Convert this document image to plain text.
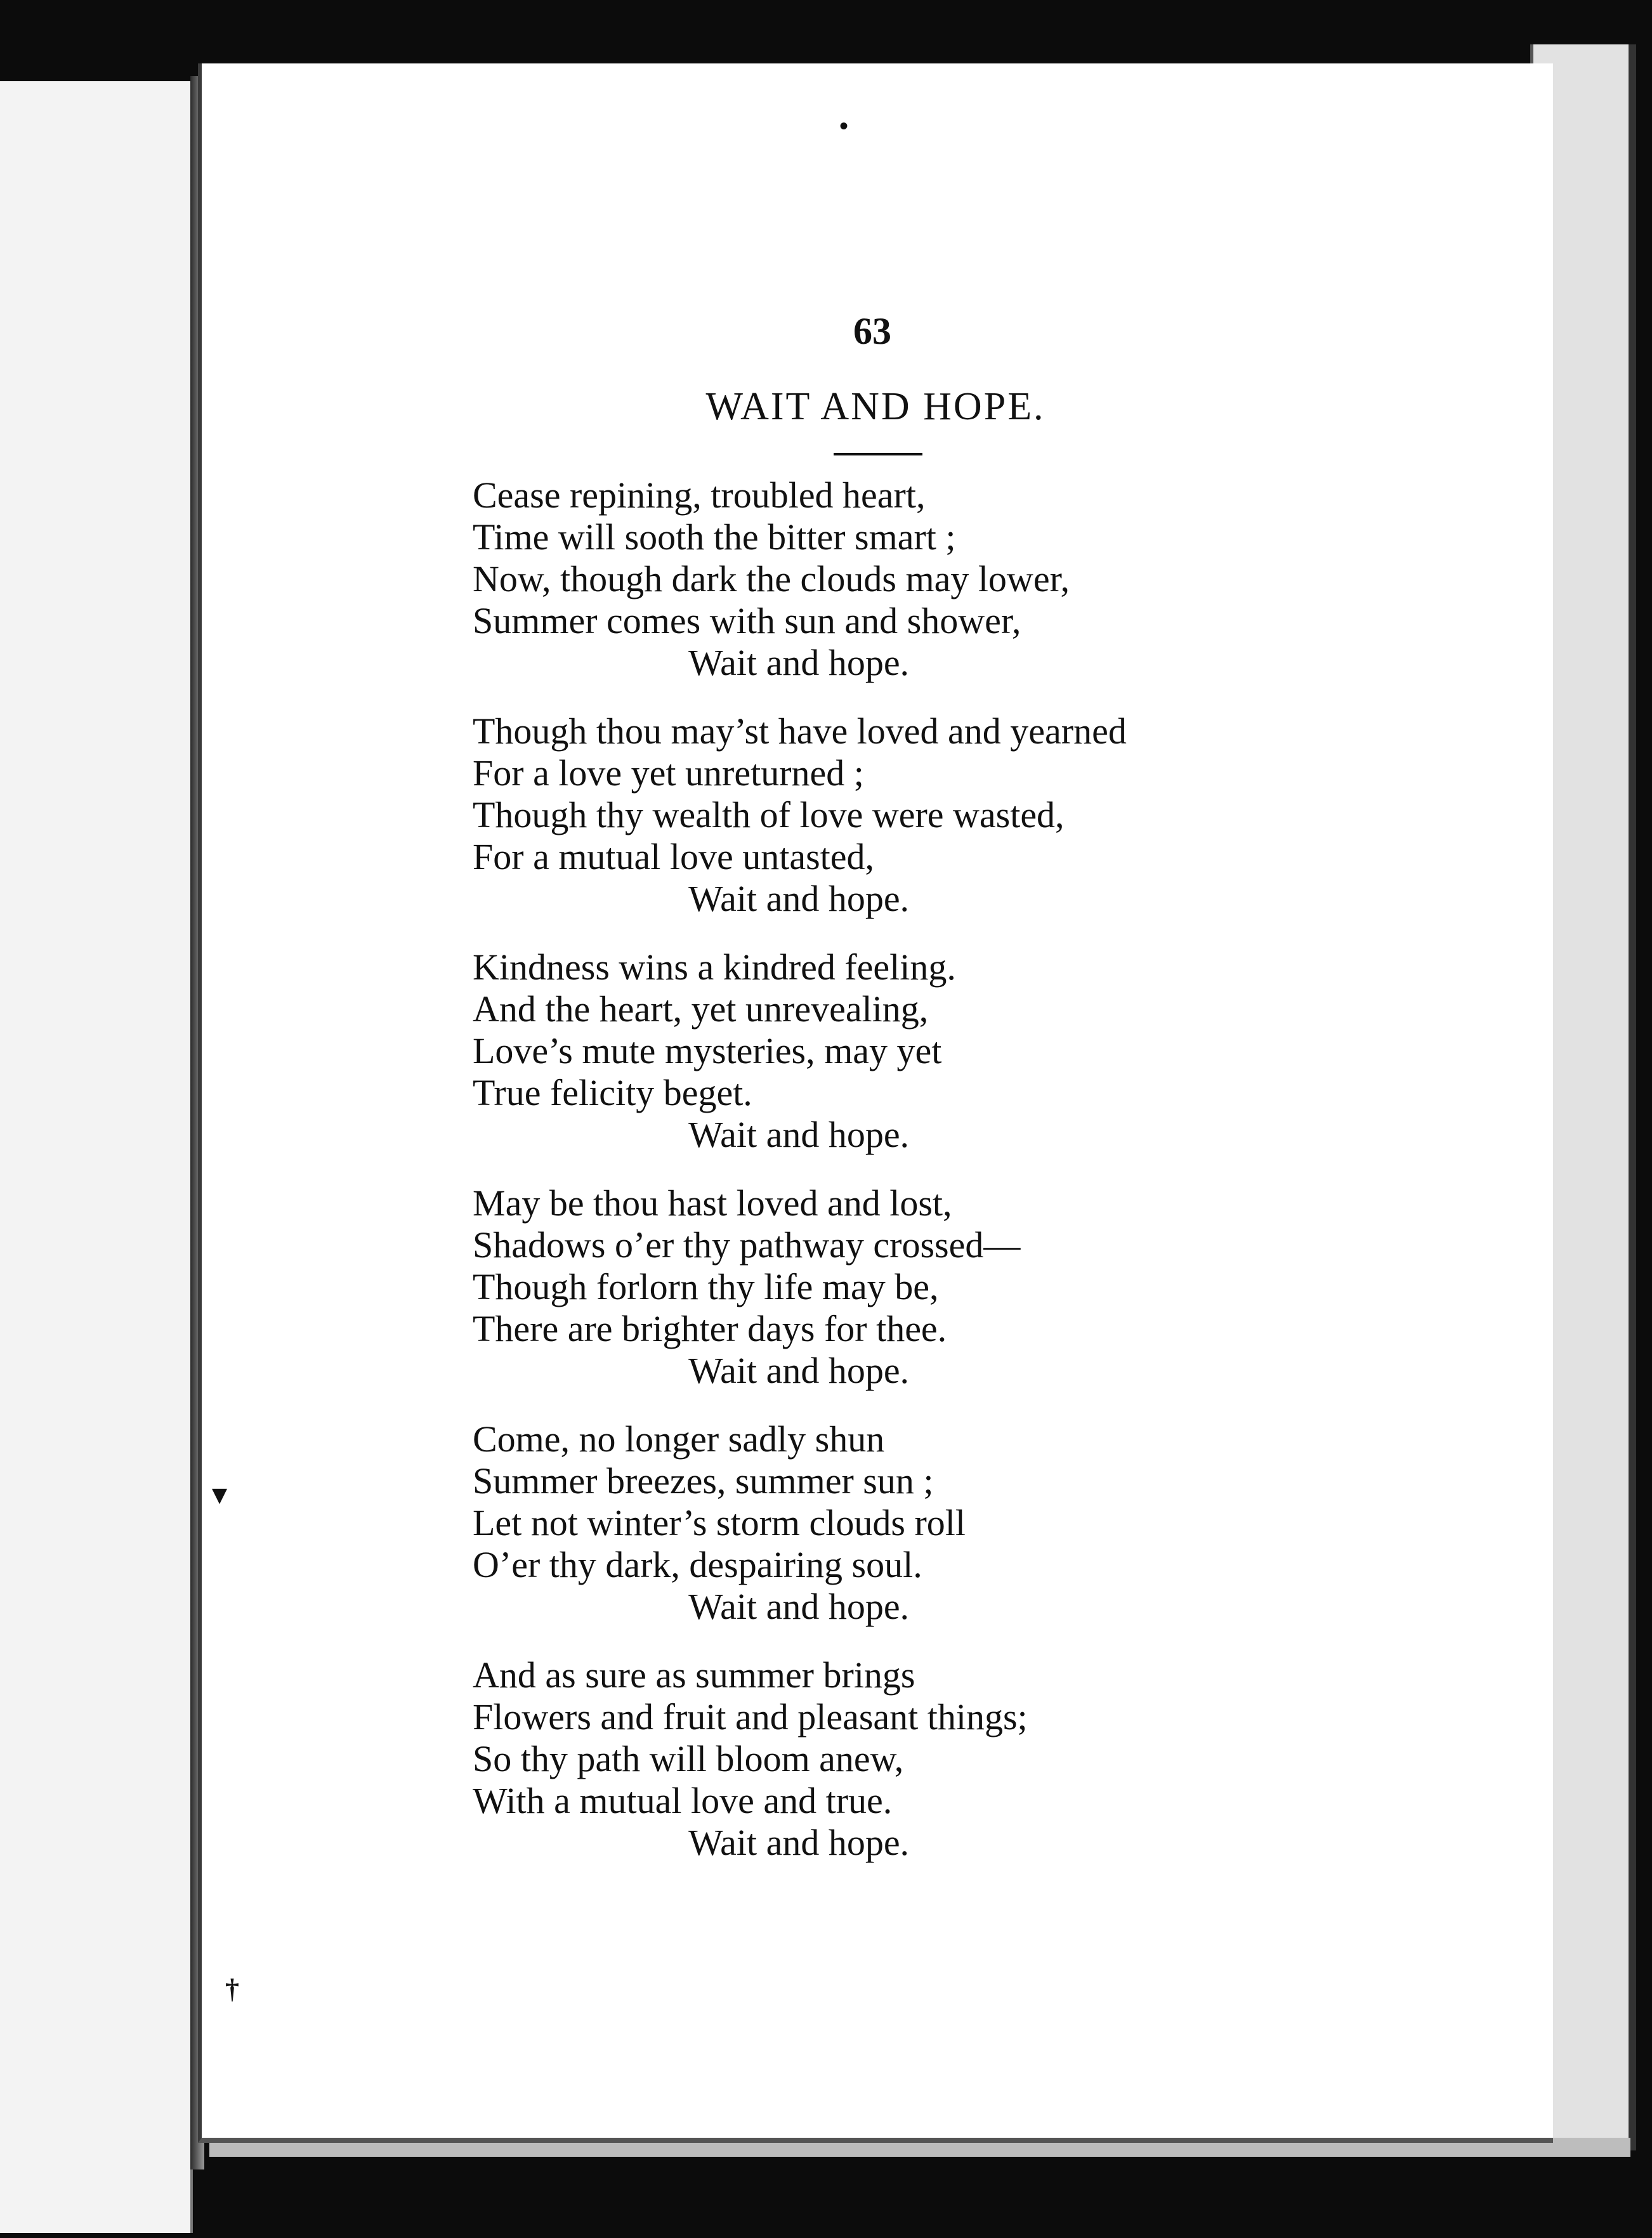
•
▾
†
63
WAIT AND HOPE.

Cease repining, troubled heart,

Time will sooth the bitter smart ;

Now, though dark the clouds may lower,

Summer comes with sun and shower,

Wait and hope.

Though thou may’st have loved and yearned

For a love yet unreturned ;

Though thy wealth of love were wasted,

For a mutual love untasted,

Wait and hope.

Kindness wins a kindred feeling.

And the heart, yet unrevealing,

Love’s mute mysteries, may yet

True felicity beget.

Wait and hope.

May be thou hast loved and lost,

Shadows o’er thy pathway crossed—

Though forlorn thy life may be,

There are brighter days for thee.

Wait and hope.

Come, no longer sadly shun

Summer breezes, summer sun ;

Let not winter’s storm clouds roll

O’er thy dark, despairing soul.

Wait and hope.

And as sure as summer brings

Flowers and fruit and pleasant things;

So thy path will bloom anew,

With a mutual love and true.

Wait and hope.
